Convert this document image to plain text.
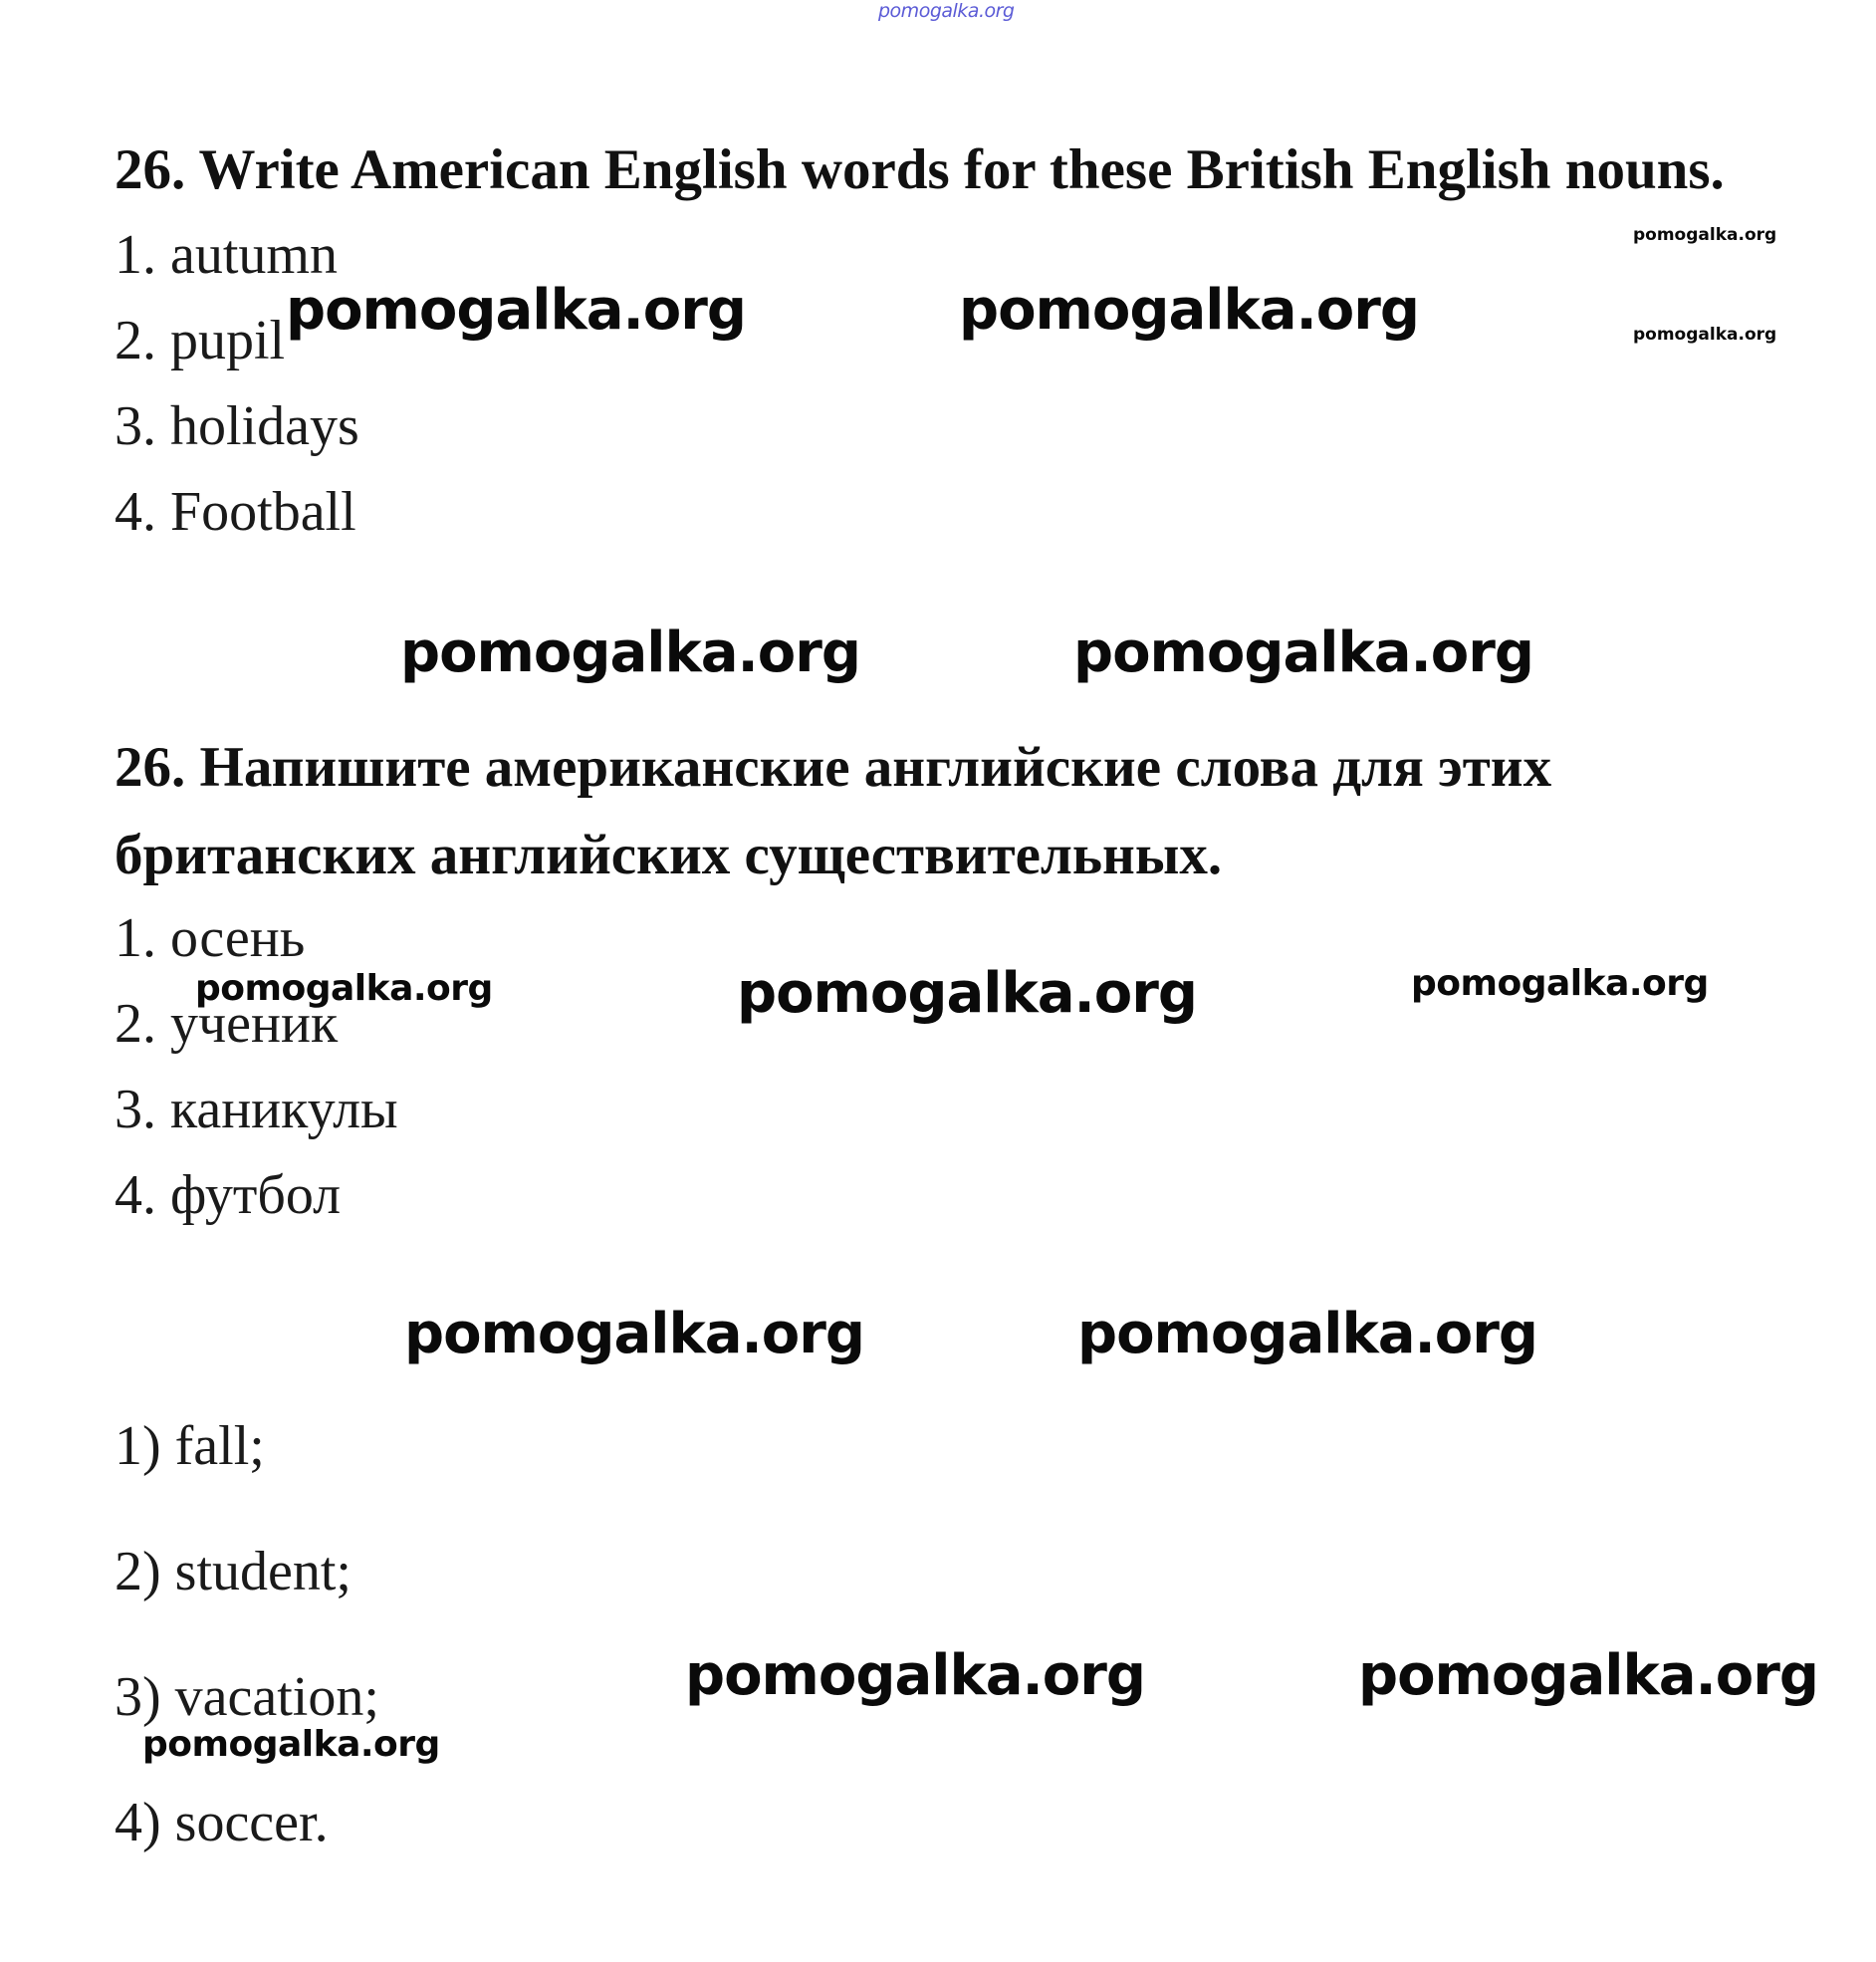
pomogalka.org
26. Write American English words for these British English nouns.
1. autumn
2. pupil
3. holidays
4. Football
26. Напишите американские английские слова для этих
британских английских существительных.
1. осень
2. ученик
3. каникулы
4. футбол
1) fall;
2) student;
3) vacation;
4) soccer.
pomogalka.org
pomogalka.org
pomogalka.org	pomogalka.org
pomogalka.org	pomogalka.org
pomogalka.org	pomogalka.org	pomogalka.org
pomogalka.org	pomogalka.org
pomogalka.org	pomogalka.org
pomogalka.org
